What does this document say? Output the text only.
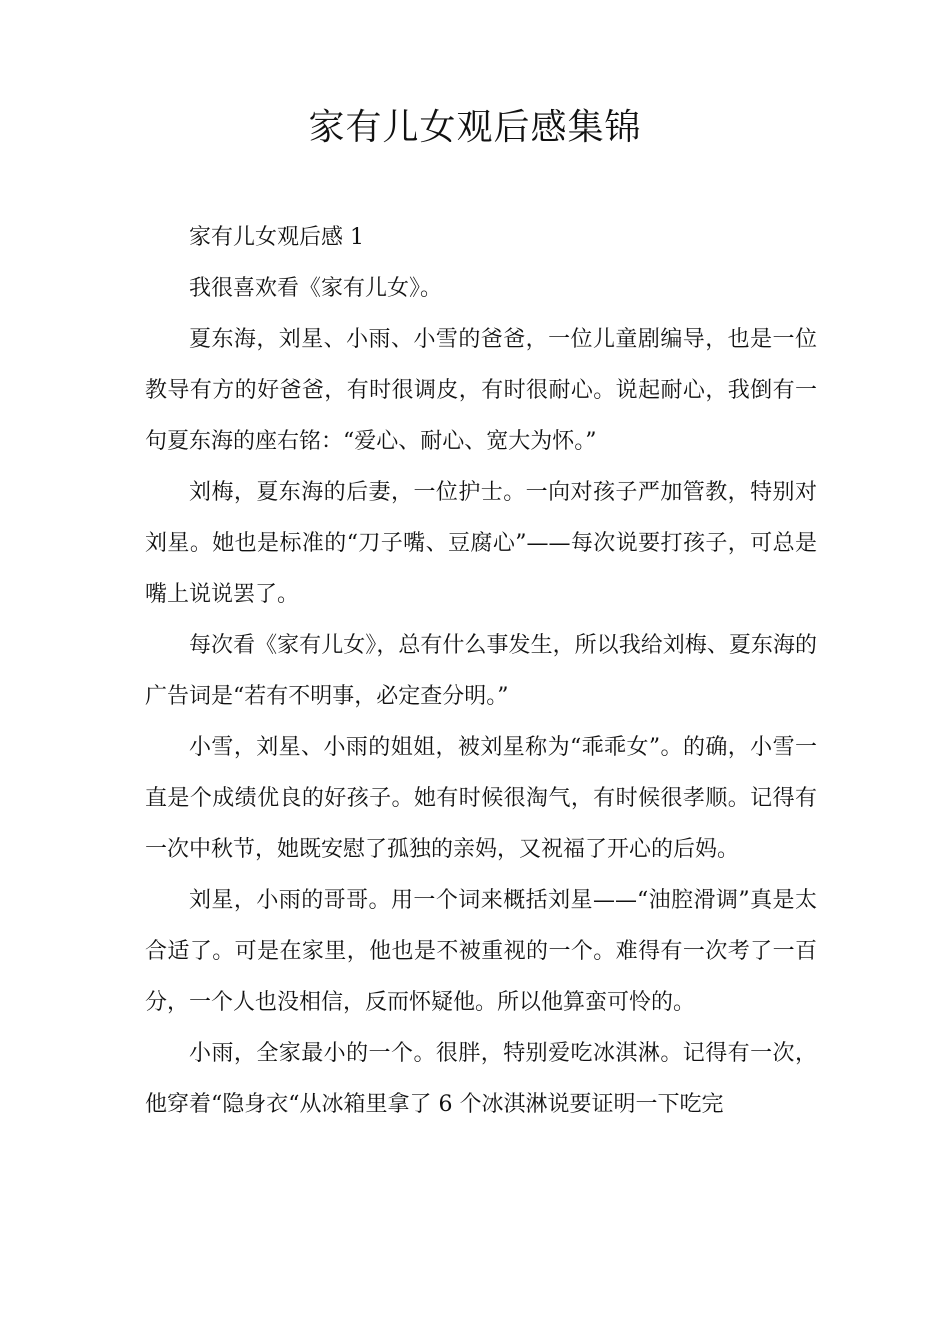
家有儿女观后感集锦

家有儿女观后感 1

我很喜欢看《家有儿女》。

夏东海，刘星、小雨、小雪的爸爸，一位儿童剧编导，也是一位教导有方的好爸爸，有时很调皮，有时很耐心。说起耐心，我倒有一句夏东海的座右铭：“爱心、耐心、宽大为怀。”

刘梅，夏东海的后妻，一位护士。一向对孩子严加管教，特别对刘星。她也是标准的“刀子嘴、豆腐心”——每次说要打孩子，可总是嘴上说说罢了。

每次看《家有儿女》，总有什么事发生，所以我给刘梅、夏东海的广告词是“若有不明事，必定查分明。”

小雪，刘星、小雨的姐姐，被刘星称为“乖乖女”。的确，小雪一直是个成绩优良的好孩子。她有时候很淘气，有时候很孝顺。记得有一次中秋节，她既安慰了孤独的亲妈，又祝福了开心的后妈。

刘星，小雨的哥哥。用一个词来概括刘星——“油腔滑调”真是太合适了。可是在家里，他也是不被重视的一个。难得有一次考了一百分，一个人也没相信，反而怀疑他。所以他算蛮可怜的。

小雨，全家最小的一个。很胖，特别爱吃冰淇淋。记得有一次，他穿着“隐身衣“从冰箱里拿了 6 个冰淇淋说要证明一下吃完
